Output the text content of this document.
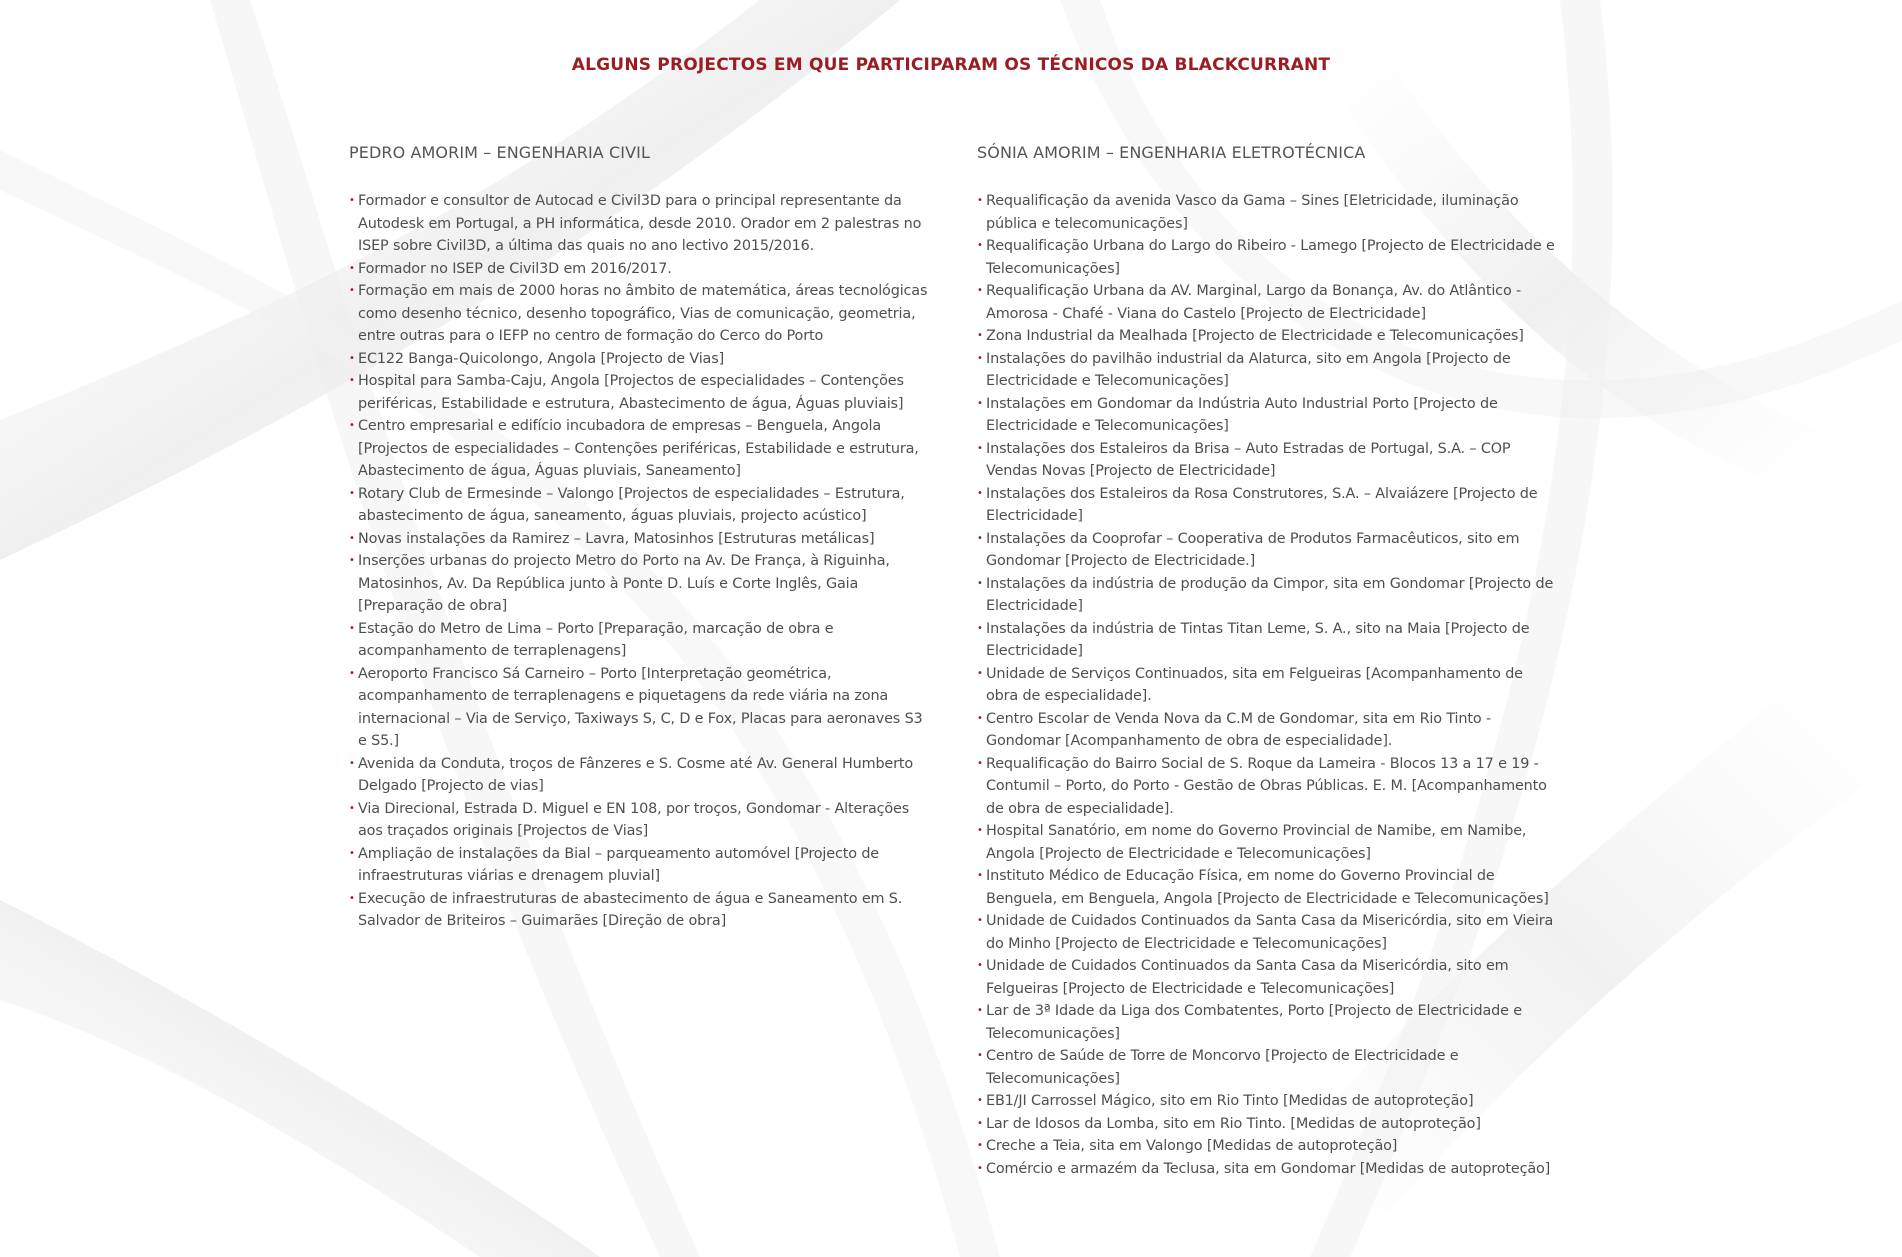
ALGUNS PROJECTOS EM QUE PARTICIPARAM OS TÉCNICOS DA BLACKCURRANT
PEDRO AMORIM – ENGENHARIA CIVIL
• Formador e consultor de Autocad e Civil3D para o principal representante da Autodesk em Portugal, a PH informática, desde 2010. Orador em 2 palestras no ISEP sobre Civil3D, a última das quais no ano lectivo 2015/2016.
• Formador no ISEP de Civil3D em 2016/2017.
• Formação em mais de 2000 horas no âmbito de matemática, áreas tecnológicas como desenho técnico, desenho topográfico, Vias de comunicação, geometria, entre outras para o IEFP no centro de formação do Cerco do Porto
• EC122 Banga-Quicolongo, Angola [Projecto de Vias]
• Hospital para Samba-Caju, Angola [Projectos de especialidades – Contenções periféricas, Estabilidade e estrutura, Abastecimento de água, Águas pluviais]
• Centro empresarial e edifício incubadora de empresas – Benguela, Angola [Projectos de especialidades – Contenções periféricas, Estabilidade e estrutura, Abastecimento de água, Águas pluviais, Saneamento]
• Rotary Club de Ermesinde – Valongo [Projectos de especialidades – Estrutura, abastecimento de água, saneamento, águas pluviais, projecto acústico]
• Novas instalações da Ramirez – Lavra, Matosinhos [Estruturas metálicas]
• Inserções urbanas do projecto Metro do Porto na Av. De França, à Riguinha, Matosinhos, Av. Da República junto à Ponte D. Luís e Corte Inglês, Gaia [Preparação de obra]
• Estação do Metro de Lima – Porto [Preparação, marcação de obra e acompanhamento de terraplenagens]
• Aeroporto Francisco Sá Carneiro – Porto [Interpretação geométrica, acompanhamento de terraplenagens e piquetagens da rede viária na zona internacional – Via de Serviço, Taxiways S, C, D e Fox, Placas para aeronaves S3 e S5.]
• Avenida da Conduta, troços de Fânzeres e S. Cosme até Av. General Humberto Delgado [Projecto de vias]
• Via Direcional, Estrada D. Miguel e EN 108, por troços, Gondomar - Alterações aos traçados originais [Projectos de Vias]
• Ampliação de instalações da Bial – parqueamento automóvel [Projecto de infraestruturas viárias e drenagem pluvial]
• Execução de infraestruturas de abastecimento de água e Saneamento em S. Salvador de Briteiros – Guimarães [Direção de obra]
SÓNIA AMORIM – ENGENHARIA ELETROTÉCNICA
• Requalificação da avenida Vasco da Gama – Sines [Eletricidade, iluminação pública e telecomunicações]
• Requalificação Urbana do Largo do Ribeiro - Lamego [Projecto de Electricidade e Telecomunicações]
• Requalificação Urbana da AV. Marginal, Largo da Bonança, Av. do Atlântico - Amorosa - Chafé - Viana do Castelo [Projecto de Electricidade]
• Zona Industrial da Mealhada [Projecto de Electricidade e Telecomunicações]
• Instalações do pavilhão industrial da Alaturca, sito em Angola [Projecto de Electricidade e Telecomunicações]
• Instalações em Gondomar da Indústria Auto Industrial Porto [Projecto de Electricidade e Telecomunicações]
• Instalações dos Estaleiros da Brisa – Auto Estradas de Portugal, S.A. – COP Vendas Novas [Projecto de Electricidade]
• Instalações dos Estaleiros da Rosa Construtores, S.A. – Alvaiázere [Projecto de Electricidade]
• Instalações da Cooprofar – Cooperativa de Produtos Farmacêuticos, sito em Gondomar [Projecto de Electricidade.]
• Instalações da indústria de produção da Cimpor, sita em Gondomar [Projecto de Electricidade]
• Instalações da indústria de Tintas Titan Leme, S. A., sito na Maia [Projecto de Electricidade]
• Unidade de Serviços Continuados, sita em Felgueiras [Acompanhamento de obra de especialidade].
• Centro Escolar de Venda Nova da C.M de Gondomar, sita em Rio Tinto - Gondomar [Acompanhamento de obra de especialidade].
• Requalificação do Bairro Social de S. Roque da Lameira - Blocos 13 a 17 e 19 - Contumil – Porto, do Porto - Gestão de Obras Públicas. E. M. [Acompanhamento de obra de especialidade].
• Hospital Sanatório, em nome do Governo Provincial de Namibe, em Namibe, Angola [Projecto de Electricidade e Telecomunicações]
• Instituto Médico de Educação Física, em nome do Governo Provincial de Benguela, em Benguela, Angola [Projecto de Electricidade e Telecomunicações]
• Unidade de Cuidados Continuados da Santa Casa da Misericórdia, sito em Vieira do Minho [Projecto de Electricidade e Telecomunicações]
• Unidade de Cuidados Continuados da Santa Casa da Misericórdia, sito em Felgueiras [Projecto de Electricidade e Telecomunicações]
• Lar de 3ª Idade da Liga dos Combatentes, Porto [Projecto de Electricidade e Telecomunicações]
• Centro de Saúde de Torre de Moncorvo [Projecto de Electricidade e Telecomunicações]
• EB1/JI Carrossel Mágico, sito em Rio Tinto [Medidas de autoproteção]
• Lar de Idosos da Lomba, sito em Rio Tinto. [Medidas de autoproteção]
• Creche a Teia, sita em Valongo [Medidas de autoproteção]
• Comércio e armazém da Teclusa, sita em Gondomar [Medidas de autoproteção]
